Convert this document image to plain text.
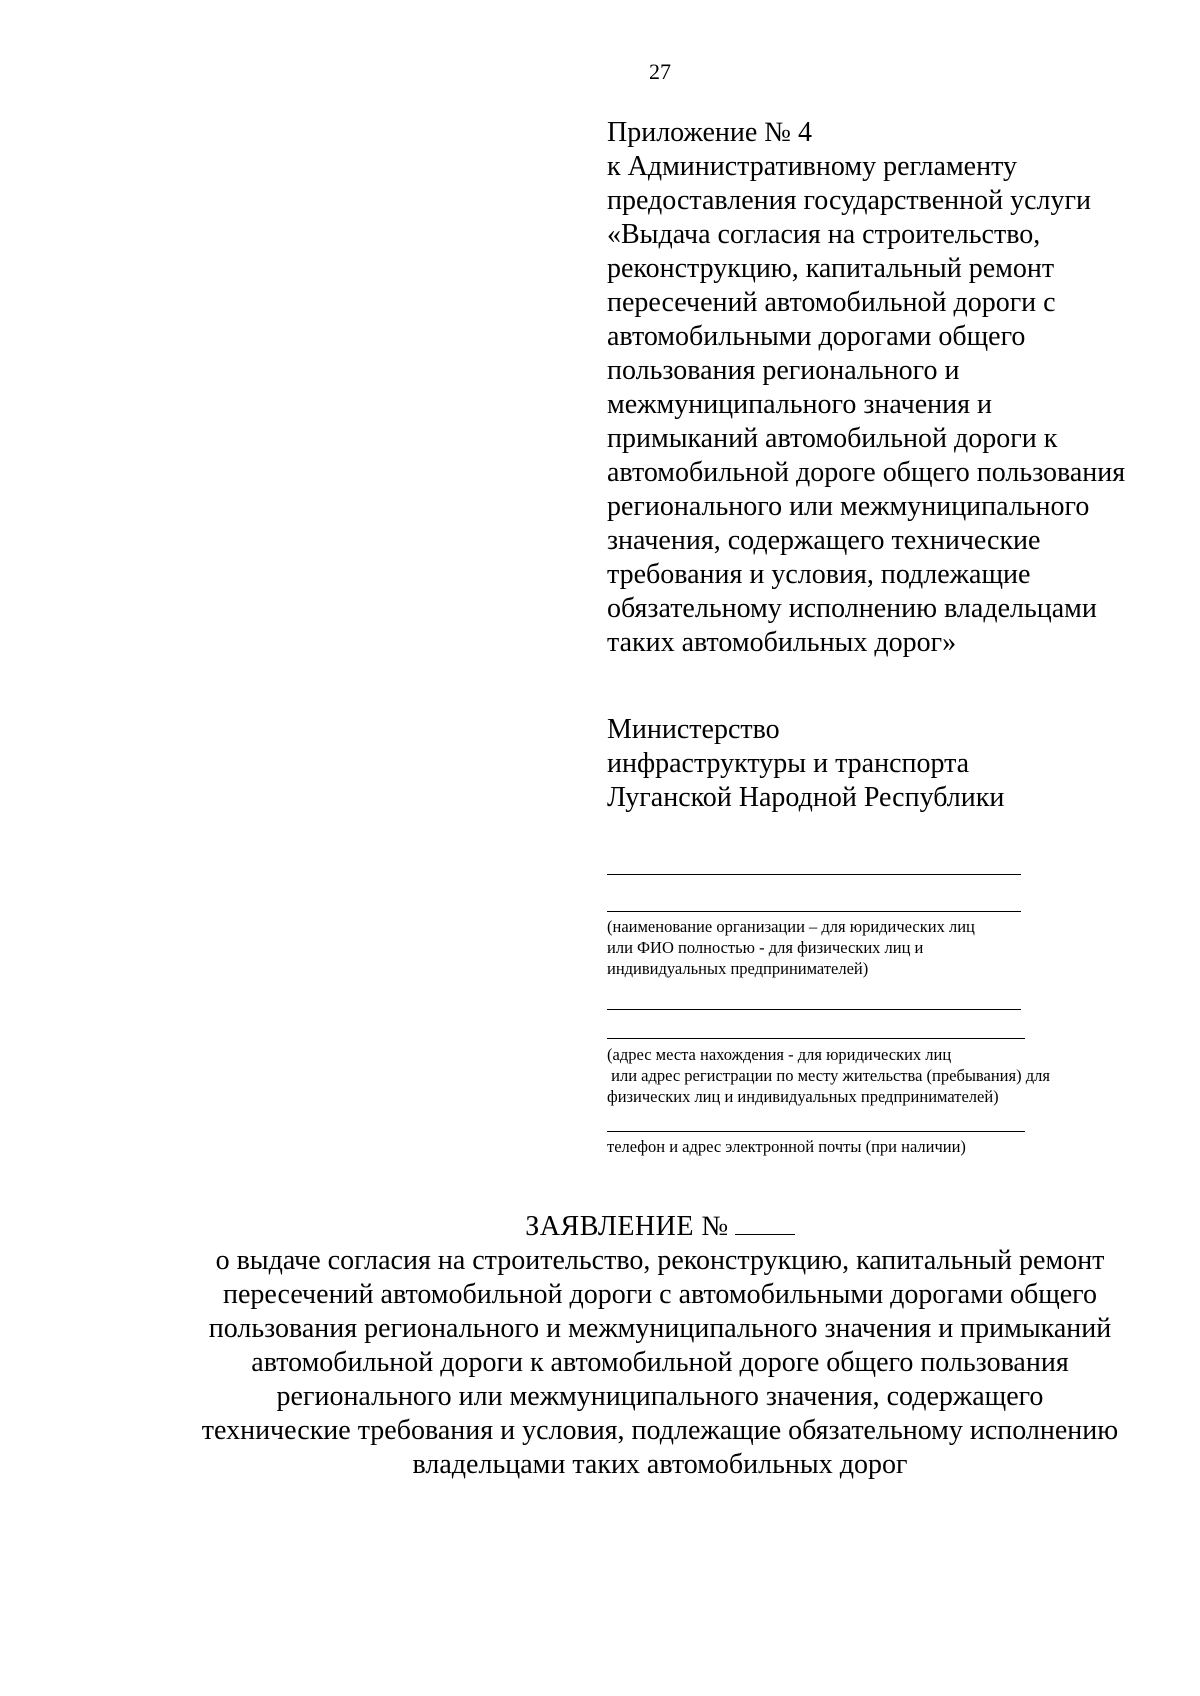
27
Приложение № 4
к Административному регламенту
предоставления государственной услуги
«Выдача согласия на строительство,
реконструкцию, капитальный ремонт
пересечений автомобильной дороги с
автомобильными дорогами общего
пользования регионального и
межмуниципального значения и
примыканий автомобильной дороги к
автомобильной дороге общего пользования
регионального или межмуниципального
значения, содержащего технические
требования и условия, подлежащие
обязательному исполнению владельцами
таких автомобильных дорог»
Министерство
инфраструктуры и транспорта
Луганской Народной Республики
(наименование организации – для юридических лиц
или ФИО полностью - для физических лиц и
индивидуальных предпринимателей)
(адрес места нахождения - для юридических лиц
или адрес регистрации по месту жительства (пребывания) для
физических лиц и индивидуальных предпринимателей)
телефон и адрес электронной почты (при наличии)
ЗАЯВЛЕНИЕ №
о выдаче согласия на строительство, реконструкцию, капитальный ремонт
пересечений автомобильной дороги с автомобильными дорогами общего
пользования регионального и межмуниципального значения и примыканий
автомобильной дороги к автомобильной дороге общего пользования
регионального или межмуниципального значения, содержащего
технические требования и условия, подлежащие обязательному исполнению
владельцами таких автомобильных дорог
